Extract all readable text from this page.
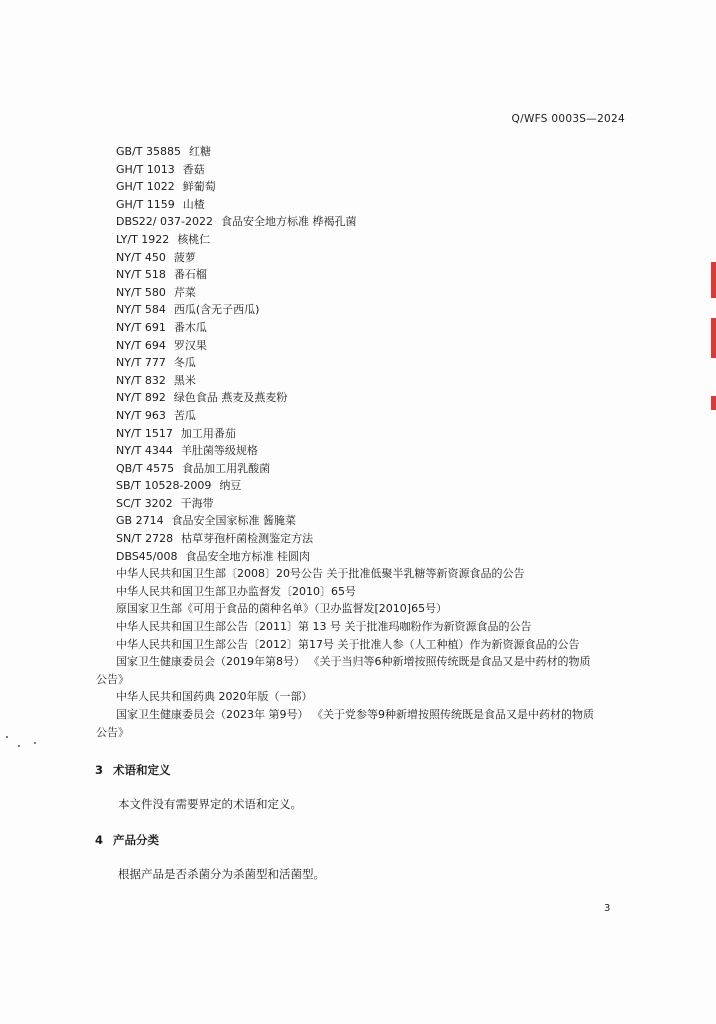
Q/WFS 0003S—2024
GB/T 35885 红糖
GH/T 1013 香菇
GH/T 1022 鲜葡萄
GH/T 1159 山楂
DBS22/ 037-2022 食品安全地方标准 桦褐孔菌
LY/T 1922 核桃仁
NY/T 450 菠萝
NY/T 518 番石榴
NY/T 580 芹菜
NY/T 584 西瓜(含无子西瓜)
NY/T 691 番木瓜
NY/T 694 罗汉果
NY/T 777 冬瓜
NY/T 832 黑米
NY/T 892 绿色食品 燕麦及燕麦粉
NY/T 963 苦瓜
NY/T 1517 加工用番茄
NY/T 4344 羊肚菌等级规格
QB/T 4575 食品加工用乳酸菌
SB/T 10528-2009 纳豆
SC/T 3202 干海带
GB 2714 食品安全国家标准 酱腌菜
SN/T 2728 枯草芽孢杆菌检测鉴定方法
DBS45/008 食品安全地方标准 桂圆肉
中华人民共和国卫生部〔2008〕20号公告 关于批准低聚半乳糖等新资源食品的公告
中华人民共和国卫生部卫办监督发〔2010〕65号
原国家卫生部《可用于食品的菌种名单》（卫办监督发[2010]65号）
中华人民共和国卫生部公告〔2011〕第 13 号 关于批准玛咖粉作为新资源食品的公告
中华人民共和国卫生部公告〔2012〕第17号 关于批准人参（人工种植）作为新资源食品的公告
国家卫生健康委员会（2019年第8号） 《关于当归等6种新增按照传统既是食品又是中药材的物质
公告》
中华人民共和国药典 2020年版（一部）
国家卫生健康委员会（2023年 第9号） 《关于党参等9种新增按照传统既是食品又是中药材的物质
公告》
3 术语和定义
本文件没有需要界定的术语和定义。
4 产品分类
根据产品是否杀菌分为杀菌型和活菌型。
3
